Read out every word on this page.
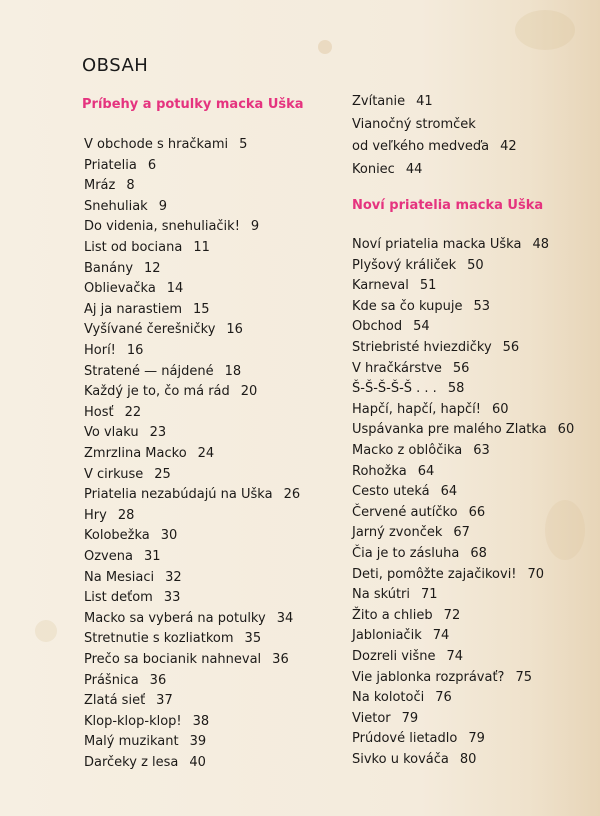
OBSAH
Príbehy a potulky macka Uška
V obchode s hračkami 5
Priatelia 6
Mráz 8
Snehuliak 9
Do videnia, snehuliačik! 9
List od bociana 11
Banány 12
Oblievačka 14
Aj ja narastiem 15
Vyšívané čerešničky 16
Horí! 16
Stratené — nájdené 18
Každý je to, čo má rád 20
Hosť 22
Vo vlaku 23
Zmrzlina Macko 24
V cirkuse 25
Priatelia nezabúdajú na Uška 26
Hry 28
Kolobežka 30
Ozvena 31
Na Mesiaci 32
List deťom 33
Macko sa vyberá na potulky 34
Stretnutie s kozliatkom 35
Prečo sa bocianik nahneval 36
Prášnica 36
Zlatá sieť 37
Klop-klop-klop! 38
Malý muzikant 39
Darčeky z lesa 40
Zvítanie 41
Vianočný stromček
od veľkého medveďa 42
Koniec 44
Noví priatelia macka Uška
Noví priatelia macka Uška 48
Plyšový králiček 50
Karneval 51
Kde sa čo kupuje 53
Obchod 54
Striebristé hviezdičky 56
V hračkárstve 56
Š-Š-Š-Š-Š . . . 58
Hapčí, hapčí, hapčí! 60
Uspávanka pre malého Zlatka 60
Macko z oblôčika 63
Rohožka 64
Cesto uteká 64
Červené autíčko 66
Jarný zvonček 67
Čia je to zásluha 68
Deti, pomôžte zajačikovi! 70
Na skútri 71
Žito a chlieb 72
Jabloniačik 74
Dozreli višne 74
Vie jablonka rozprávať? 75
Na kolotoči 76
Vietor 79
Prúdové lietadlo 79
Sivko u kováča 80
